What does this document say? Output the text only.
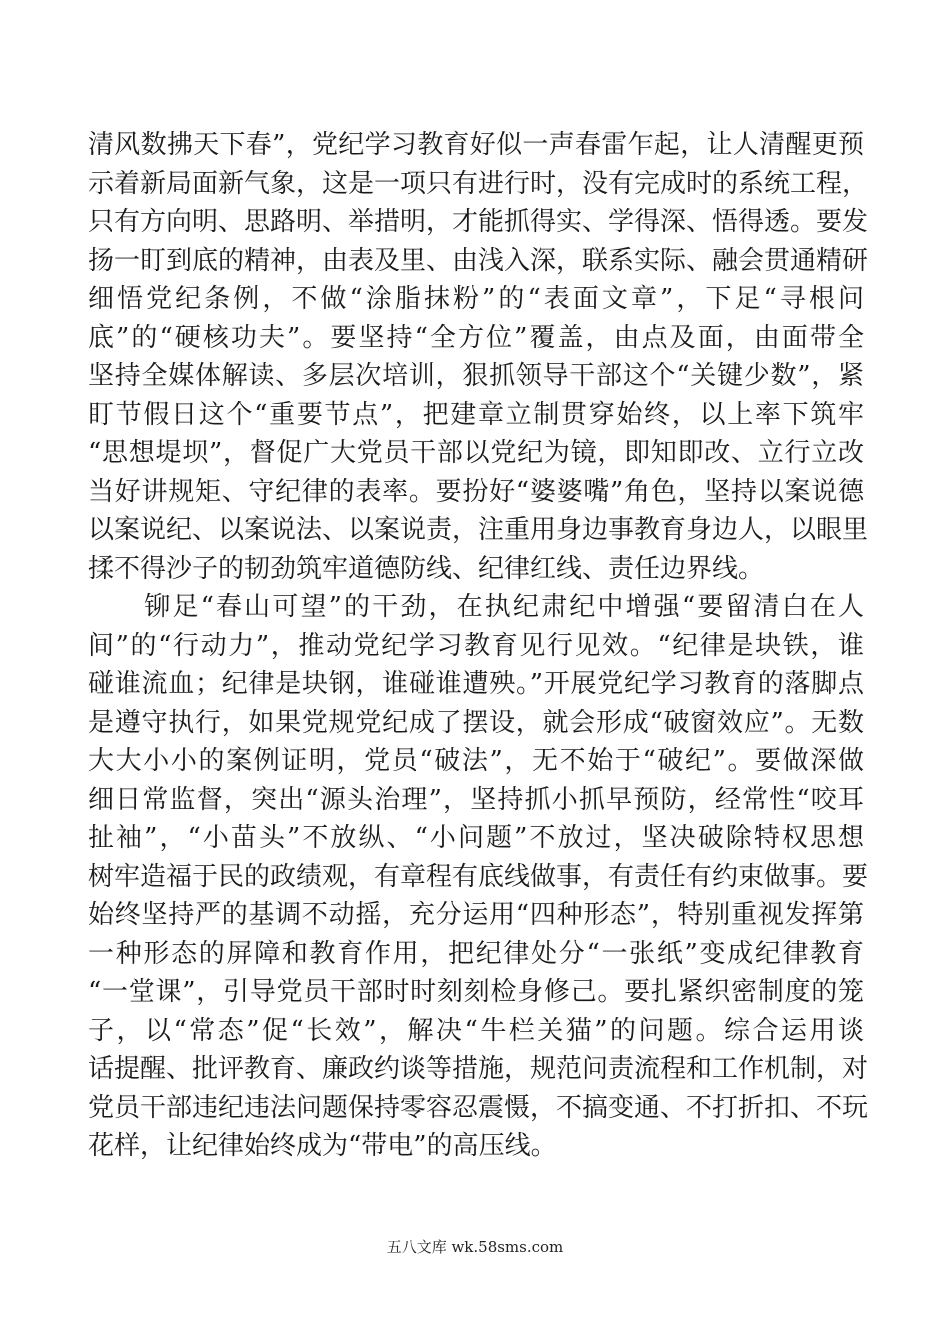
清风数拂天下春”，党纪学习教育好似一声春雷乍起，让人清醒更预
示着新局面新气象，这是一项只有进行时，没有完成时的系统工程，
只有方向明、思路明、举措明，才能抓得实、学得深、悟得透。要发
扬一盯到底的精神，由表及里、由浅入深，联系实际、融会贯通精研
细悟党纪条例，不做“涂脂抹粉”的“表面文章”，下足“寻根问
底”的“硬核功夫”。要坚持“全方位”覆盖，由点及面，由面带全
坚持全媒体解读、多层次培训，狠抓领导干部这个“关键少数”，紧
盯节假日这个“重要节点”，把建章立制贯穿始终，以上率下筑牢
“思想堤坝”，督促广大党员干部以党纪为镜，即知即改、立行立改
当好讲规矩、守纪律的表率。要扮好“婆婆嘴”角色，坚持以案说德
以案说纪、以案说法、以案说责，注重用身边事教育身边人，以眼里
揉不得沙子的韧劲筑牢道德防线、纪律红线、责任边界线。
　　铆足“春山可望”的干劲，在执纪肃纪中增强“要留清白在人
间”的“行动力”，推动党纪学习教育见行见效。“纪律是块铁，谁
碰谁流血；纪律是块钢，谁碰谁遭殃。”开展党纪学习教育的落脚点
是遵守执行，如果党规党纪成了摆设，就会形成“破窗效应”。无数
大大小小的案例证明，党员“破法”，无不始于“破纪”。要做深做
细日常监督，突出“源头治理”，坚持抓小抓早预防，经常性“咬耳
扯袖”，“小苗头”不放纵、“小问题”不放过，坚决破除特权思想
树牢造福于民的政绩观，有章程有底线做事，有责任有约束做事。要
始终坚持严的基调不动摇，充分运用“四种形态”，特别重视发挥第
一种形态的屏障和教育作用，把纪律处分“一张纸”变成纪律教育
“一堂课”，引导党员干部时时刻刻检身修己。要扎紧织密制度的笼
子，以“常态”促“长效”，解决“牛栏关猫”的问题。综合运用谈
话提醒、批评教育、廉政约谈等措施，规范问责流程和工作机制，对
党员干部违纪违法问题保持零容忍震慑，不搞变通、不打折扣、不玩
花样，让纪律始终成为“带电”的高压线。
五八文库 wk.58sms.com
